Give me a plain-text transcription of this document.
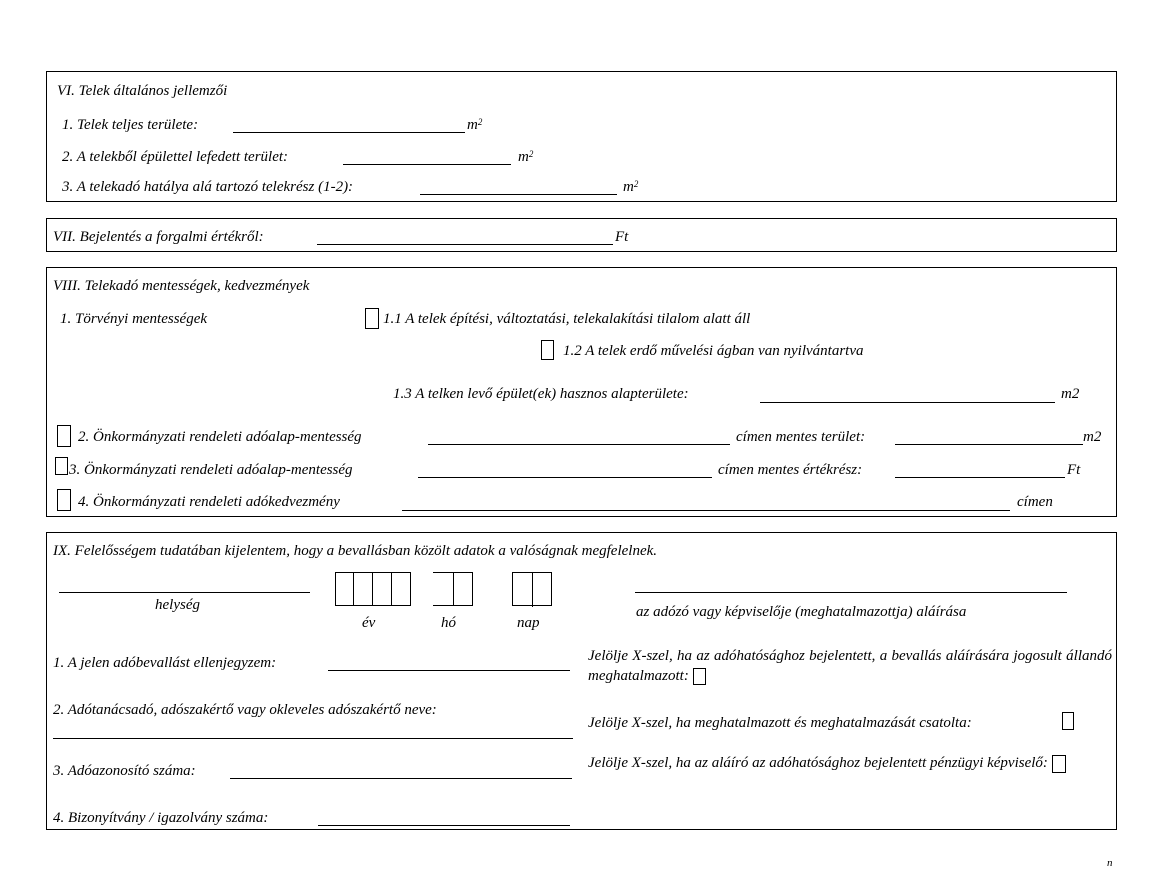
VI. Telek általános jellemzői
1. Telek teljes területe:	$m^2$
2. A telekből épülettel lefedett terület:	$m^2$
3. A telekadó hatálya alá tartozó telekrész (1-2):	$m^2$
VII. Bejelentés a forgalmi értékről:	Ft
VIII. Telekadó mentességek, kedvezmények
1. Törvényi mentességek	1.1 A telek építési, változtatási, telekalakítási tilalom alatt áll
1.2 A telek erdő művelési ágban van nyilvántartva
1.3 A telken levő épület(ek) hasznos alapterülete:	m2
2. Önkormányzati rendeleti adóalap-mentesség	címen mentes terület:	m2
3. Önkormányzati rendeleti adóalap-mentesség	címen mentes értékrész:	Ft
4. Önkormányzati rendeleti adókedvezmény	címen
IX. Felelősségem tudatában kijelentem, hogy a bevallásban közölt adatok a valóságnak megfelelnek.
helység
év	hó	nap
az adózó vagy képviselője (meghatalmazottja) aláírása
1. A jelen adóbevallást ellenjegyzem:
2. Adótanácsadó, adószakértő vagy okleveles adószakértő neve:
3. Adóazonosító száma:
4. Bizonyítvány / igazolvány száma:
Jelölje X-szel, ha az adóhatósághoz bejelentett, a bevallás aláírására jogosult állandó meghatalmazott:
Jelölje X-szel, ha meghatalmazott és meghatalmazását csatolta:
Jelölje X-szel, ha az aláíró az adóhatósághoz bejelentett pénzügyi képviselő:
n
